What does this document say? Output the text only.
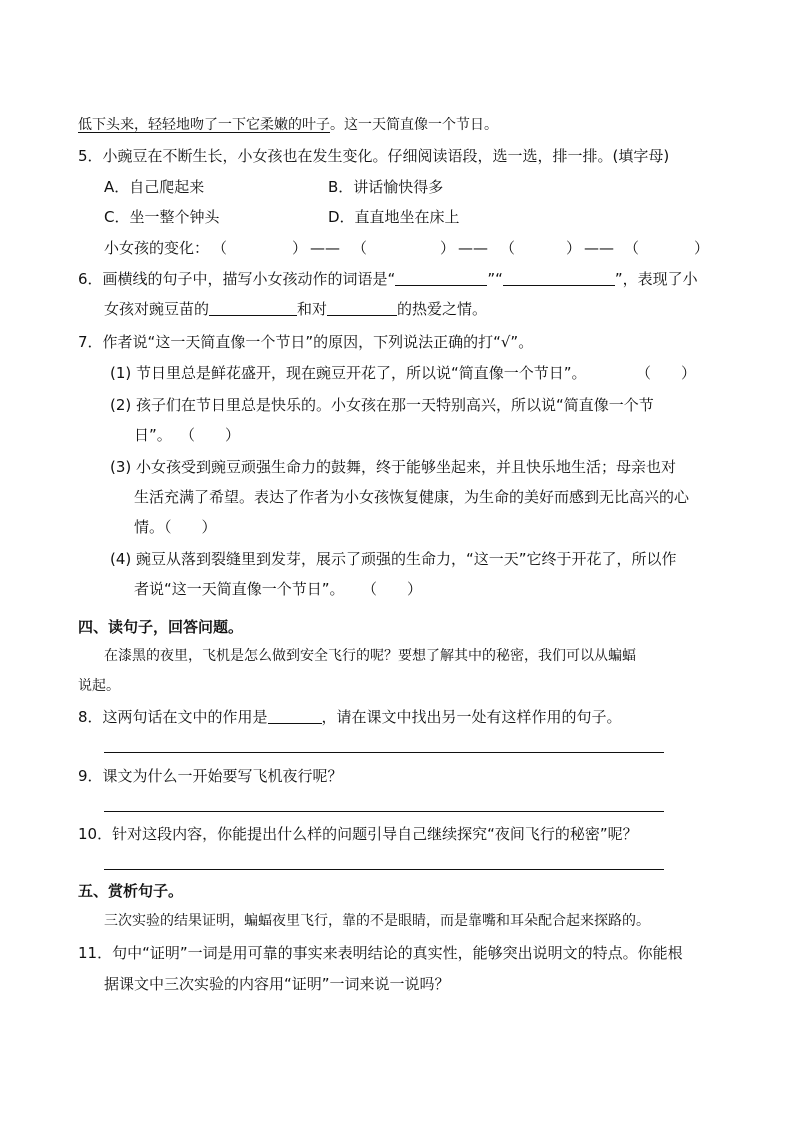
低下头来，轻轻地吻了一下它柔嫩的叶子。这一天简直像一个节日。
5．小豌豆在不断生长，小女孩也在发生变化。仔细阅读语段，选一选，排一排。(填字母)
A．自己爬起来	B．讲话愉快得多
C．坐一整个钟头	D．直直地坐在床上
小女孩的变化： （	） —— （	） —— （	） —— （	）
6．画横线的句子中，描写小女孩动作的词语是“	”“	”，表现了小
女孩对豌豆苗的	和对	的热爱之情。
7．作者说“这一天简直像一个节日”的原因，下列说法正确的打“√”。
(1) 节日里总是鲜花盛开，现在豌豆开花了，所以说“简直像一个节日”。	（　　）
(2) 孩子们在节日里总是快乐的。小女孩在那一天特别高兴，所以说“简直像一个节
日”。 （　　）
(3) 小女孩受到豌豆顽强生命力的鼓舞，终于能够坐起来，并且快乐地生活；母亲也对
生活充满了希望。表达了作者为小女孩恢复健康，为生命的美好而感到无比高兴的心
情。（　　）
(4) 豌豆从落到裂缝里到发芽，展示了顽强的生命力，“这一天”它终于开花了，所以作
者说“这一天简直像一个节日”。 （　　）
四、读句子，回答问题。
在漆黑的夜里，飞机是怎么做到安全飞行的呢？要想了解其中的秘密，我们可以从蝙蝠
说起。
8．这两句话在文中的作用是	，请在课文中找出另一处有这样作用的句子。
9．课文为什么一开始要写飞机夜行呢？
10．针对这段内容，你能提出什么样的问题引导自己继续探究“夜间飞行的秘密”呢？
五、赏析句子。
三次实验的结果证明，蝙蝠夜里飞行，靠的不是眼睛，而是靠嘴和耳朵配合起来探路的。
11．句中“证明”一词是用可靠的事实来表明结论的真实性，能够突出说明文的特点。你能根
据课文中三次实验的内容用“证明”一词来说一说吗？
